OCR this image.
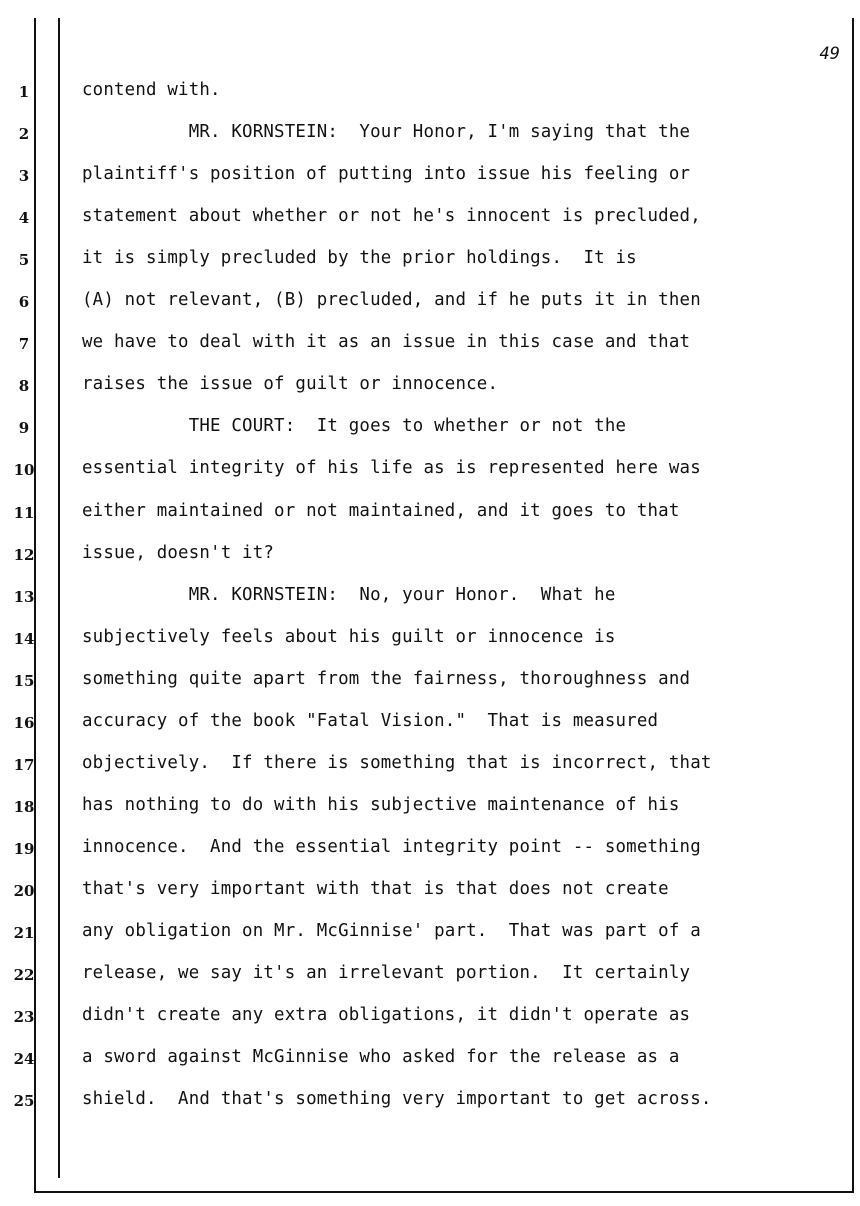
49
1	contend with.
2	MR. KORNSTEIN:  Your Honor, I'm saying that the
3	plaintiff's position of putting into issue his feeling or
4	statement about whether or not he's innocent is precluded,
5	it is simply precluded by the prior holdings.  It is
6	(A) not relevant, (B) precluded, and if he puts it in then
7	we have to deal with it as an issue in this case and that
8	raises the issue of guilt or innocence.
9	THE COURT:  It goes to whether or not the
10	essential integrity of his life as is represented here was
11	either maintained or not maintained, and it goes to that
12	issue, doesn't it?
13	MR. KORNSTEIN:  No, your Honor.  What he
14	subjectively feels about his guilt or innocence is
15	something quite apart from the fairness, thoroughness and
16	accuracy of the book "Fatal Vision."  That is measured
17	objectively.  If there is something that is incorrect, that
18	has nothing to do with his subjective maintenance of his
19	innocence.  And the essential integrity point -- something
20	that's very important with that is that does not create
21	any obligation on Mr. McGinnise' part.  That was part of a
22	release, we say it's an irrelevant portion.  It certainly
23	didn't create any extra obligations, it didn't operate as
24	a sword against McGinnise who asked for the release as a
25	shield.  And that's something very important to get across.
